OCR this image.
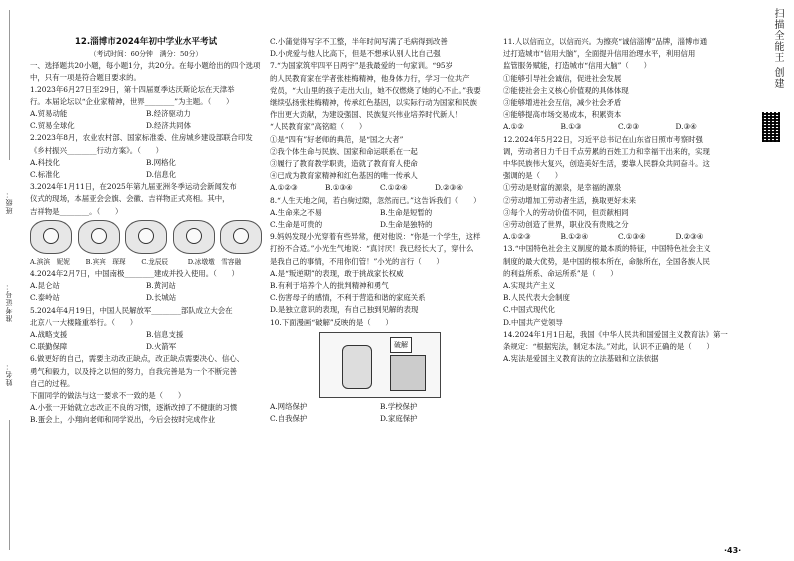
班级：
准考证号：
姓名：

12.淄博市2024年初中学业水平考试

（考试时间：60分钟　满分：50分）

一、选择题共20小题，每小题1分，共20分。在每小题给出的四个选项中，只有一项是符合题目要求的。

1.2023年6月27日至29日，第十四届夏季达沃斯论坛在天津举

行。本届论坛以“企业家精神，世界________”为主题。（　　）

A.贸易动能	B.经济驱动力
C.贸易全球化	D.经济共同体

2.2023年8月，农业农村部、国家标准委、住房城乡建设部联合印发

《乡村振兴________行动方案》。（　　）

A.科技化	B.网格化
C.标准化	D.信息化

3.2024年1月11日，在2025年第九届亚洲冬季运动会新闻发布

仪式的现场，本届亚会会旗、会徽、吉祥物正式亮相。其中，

吉祥物是________。（　　）

A.滨滨　妮妮	B.宾宾　琛琛	C.龙辰辰	D.冰墩墩　雪容融

4.2024年2月7日，中国南极________建成并投入使用。（　　）

A.昆仑站	B.黄河站
C.泰岭站	D.长城站

5.2024年4月19日，中国人民解放军________部队成立大会在

北京八一大楼隆重举行。（　　）

A.战略支援	B.信息支援
C.联勤保障	D.火箭军

6.做更好的自己，需要主动改正缺点，改正缺点需要决心、信心、

勇气和毅力，以及持之以恒的努力，自我完善是为一个不断完善

自己的过程。

下面同学的做法与这一要求不一致的是（　　）

A.小张一开始就立志改正不良的习惯，逐渐改掉了不健康的习惯

B.蛋会上，小翔向老师和同学说出，今后会按时完成作业

C.小蒲觉得写字不工整，半年时间写满了毛病得到改善

D.小虎爱与他人比高下，但是不想承认别人比自己强

7.“为国家筑牢四平日两宇”是我最爱的一句家训。“95岁

的人民教育家在学者张桂梅精神，他身体力行，学习一位共产

党员，“大山里的孩子走出大山，她不仅燃烧了她的心不止。”我要

继续弘扬张桂梅精神，传承红色基因，以实际行动为国家和民族

作出更大贡献，为建设强国、民族复兴伟业培养时代新人！

“人民教育家”高铭暄（　　）

①是“四有”好老师的典范，是“国之大者”

②我个体生命与民族、国家和命运联系在一起

③履行了教育教学职责，造就了教育育人使命

④已成为教育家精神和红色基因的唯一传承人

A.①②③	B.①③④	C.①②④	D.②③④

8.“人生天地之间，若白驹过隙，忽然而已。”这告诉我们（　　）

A.生命来之不易	B.生命是短暂的
C.生命是可贵的	D.生命是独特的

9.妈妈发现小光穿着有些异常，便对他说：“你是一个学生，这样

打扮不合适。”小光生气地说：“真讨厌！我已经长大了，穿什么

是我自己的事情，不用你们管！”小光的言行（　　）

A.是“叛逆期”的表现，敢于挑战家长权威

B.有利于培养个人的批判精神和勇气

C.伤害母子的感情，不利于营造和谐的家庭关系

D.是独立意识的表现，有自己独到见解的表现

10.下面漫画“破解”反映的是（　　）

破解
A.网络保护	B.学校保护
C.自我保护	D.家庭保护

11.人以信而立，以信而兴。为擦亮“诚信淄博”品牌，淄博市通

过打造城市“信用大脑”，全面提升信用治理水平，利用信用

监管服务赋能，打造城市“信用大脑”（　　）

①能够引导社会诚信，促进社会发展

②能使社会主义核心价值观的具体体现

③能够增进社会互信，减少社会矛盾

④能够提高市场交易成本，积累资本

A.①②	B.①③	C.②③	D.③④

12.2024年5月22日，习近平总书记在山东省日照市考察时强

调，劳动者日力千日千点劳累的百姓工力和幸福干出来的，实现

中华民族伟大复兴，创造美好生活，要靠人民群众共同奋斗。这

强调的是（　　）

①劳动是财富的源泉，是幸福的源泉

②劳动增加工劳动者生活，换取更好未来

③每个人的劳动价值不同，但贡献相同

④劳动创造了世界，职业没有贵贱之分

A.①②③	B.①②④	C.①③④	D.②③④

13.“中国特色社会主义制度的最本质的特征，中国特色社会主义

制度的最大优势，是中国的根本所在，命脉所在，全国各族人民

的利益所系、命运所系”是（　　）

A.实现共产主义

B.人民代表大会制度

C.中国式现代化

D.中国共产党领导

14.2024年1月1日起，我国《中华人民共和国爱国主义教育法》第一条规定：“根据宪法，制定本法。”对此，认识不正确的是（　　）

A.宪法是爱国主义教育法的立法基础和立法依据

扫描全能王 创建
·43·
